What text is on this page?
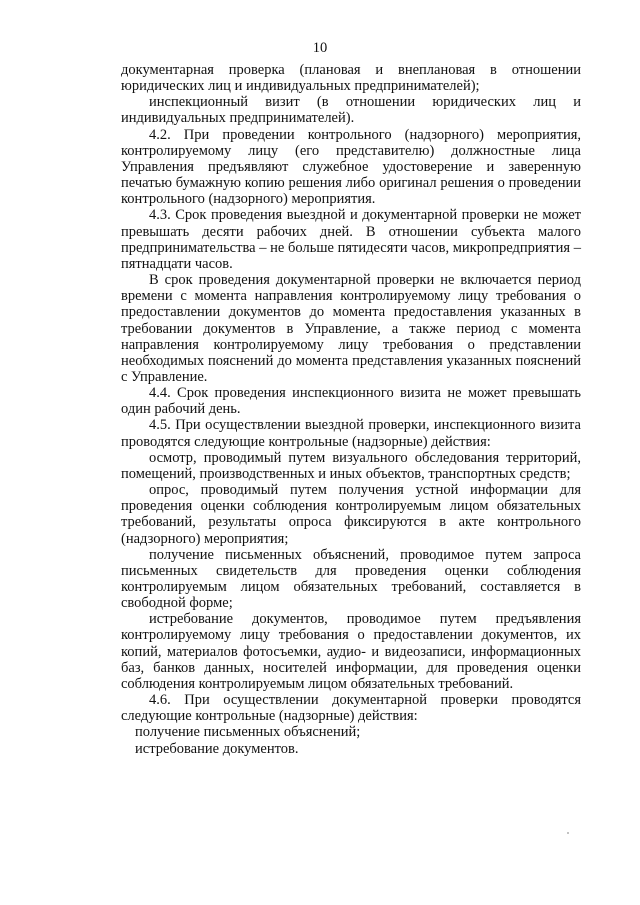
10

документарная проверка (плановая и внеплановая в отношении юридических лиц и индивидуальных предпринимателей);

инспекционный визит (в отношении юридических лиц и индивидуальных предпринимателей).

4.2. При проведении контрольного (надзорного) мероприятия, контролируемому лицу (его представителю) должностные лица Управления предъявляют служебное удостоверение и заверенную печатью бумажную копию решения либо оригинал решения о проведении контрольного (надзорного) мероприятия.

4.3. Срок проведения выездной и документарной проверки не может превышать десяти рабочих дней. В отношении субъекта малого предпринимательства – не больше пятидесяти часов, микропредприятия – пятнадцати часов.

В срок проведения документарной проверки не включается период времени с момента направления контролируемому лицу требования о предоставлении документов до момента предоставления указанных в требовании документов в Управление, а также период с момента направления контролируемому лицу требования о представлении необходимых пояснений до момента представления указанных пояснений с Управление.

4.4. Срок проведения инспекционного визита не может превышать один рабочий день.

4.5. При осуществлении выездной проверки, инспекционного визита проводятся следующие контрольные (надзорные) действия:

осмотр, проводимый путем визуального обследования территорий, помещений, производственных и иных объектов, транспортных средств;

опрос, проводимый путем получения устной информации для проведения оценки соблюдения контролируемым лицом обязательных требований, результаты опроса фиксируются в акте контрольного (надзорного) мероприятия;

получение письменных объяснений, проводимое путем запроса письменных свидетельств для проведения оценки соблюдения контролируемым лицом обязательных требований, составляется в свободной форме;

истребование документов, проводимое путем предъявления контролируемому лицу требования о предоставлении документов, их копий, материалов фотосъемки, аудио- и видеозаписи, информационных баз, банков данных, носителей информации, для проведения оценки соблюдения контролируемым лицом обязательных требований.

4.6. При осуществлении документарной проверки проводятся следующие контрольные (надзорные) действия:

получение письменных объяснений;

истребование документов.
